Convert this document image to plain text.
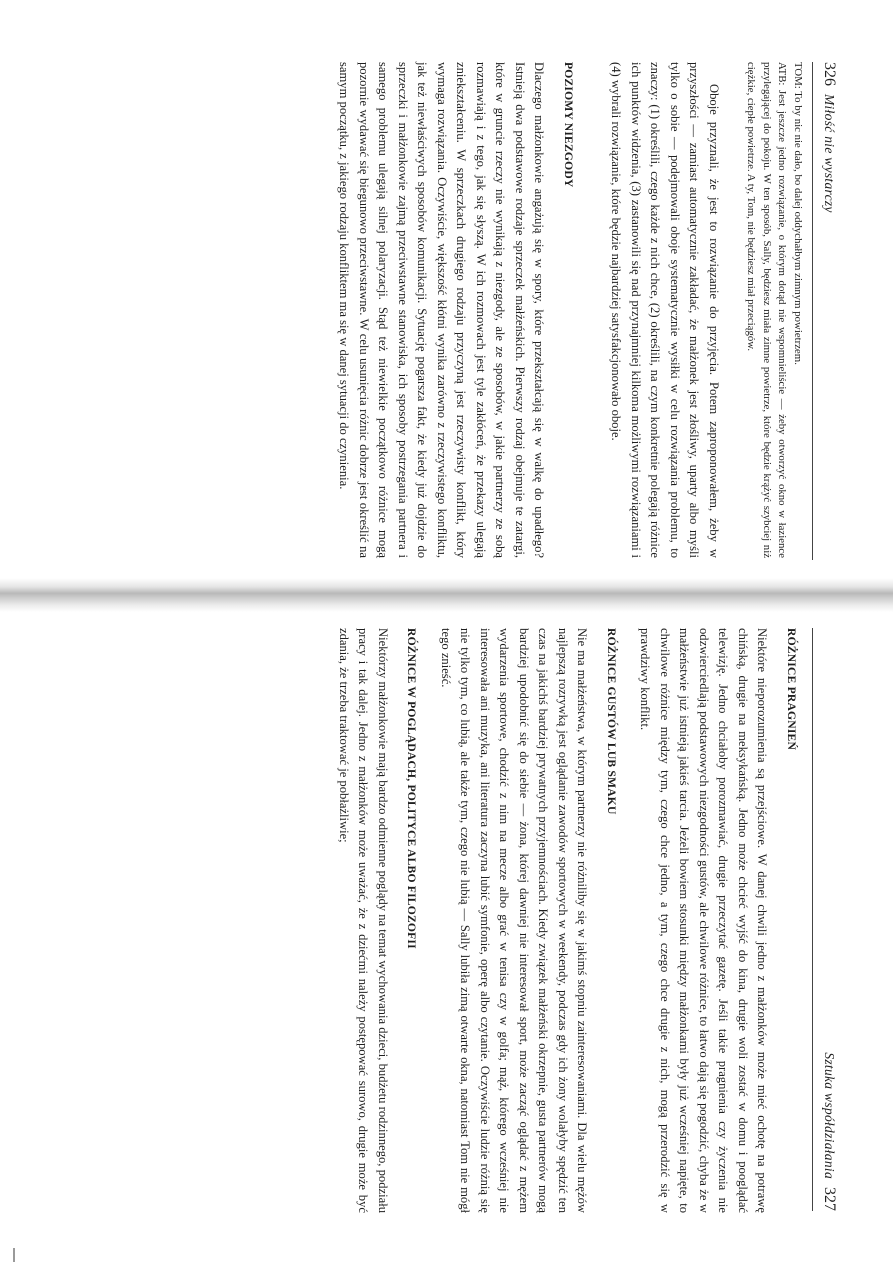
326
Miłość nie wystarczy

TOM: To by nic nie dało, bo dalej oddychałbym zimnym powietrzem.

ATB: Jest jeszcze jedno rozwiązanie, o którym dotąd nie wspomnieliście — żeby otworzyć okno w łazience przylegającej do pokoju. W ten sposób, Sally, będziesz miała zimne powietrze, które będzie krążyć szybciej niż ciężkie, ciepłe powietrze. A ty, Tom, nie będziesz miał przeciągów.

Oboje przyznali, że jest to rozwiązanie do przyjęcia. Potem zaproponowałem, żeby w przyszłości — zamiast automatycznie zakładać, że małżonek jest złośliwy, uparty albo myśli tylko o sobie — podejmowali oboje systematycznie wysiłki w celu rozwiązania problemu, to znaczy: (1) określili, czego każde z nich chce, (2) określili, na czym konkretnie polegają różnice ich punktów widzenia, (3) zastanowili się nad przynajmniej kilkoma możliwymi rozwiązaniami i (4) wybrali rozwiązanie, które będzie najbardziej satysfakcjonowało oboje.

POZIOMY NIEZGODY

Dlaczego małżonkowie angażują się w spory, które przekształcają się w walkę do upadłego? Istnieją dwa podstawowe rodzaje sprzeczek małżeńskich. Pierwszy rodzaj obejmuje te zatargi, które w gruncie rzeczy nie wynikają z niezgody, ale ze sposobów, w jakie partnerzy ze sobą rozmawiają i z tego, jak się słyszą. W ich rozmowach jest tyle zakłóceń, że przekazy ulegają zniekształceniu. W sprzeczkach drugiego rodzaju przyczyną jest rzeczywisty konflikt, który wymaga rozwiązania. Oczywiście, większość kłótni wynika zarówno z rzeczywistego konfliktu, jak też niewłaściwych sposobów komunikacji. Sytuację pogarsza fakt, że kiedy już dojdzie do sprzeczki i małżonkowie zajmą przeciwstawne stanowiska, ich sposoby postrzegania partnera i samego problemu ulegają silnej polaryzacji. Stąd też niewielkie początkowo różnice mogą pozornie wydawać się biegunowo przeciwstawne. W celu usunięcia różnic dobrze jest określić na samym początku, z jakiego rodzaju konfliktem ma się w danej sytuacji do czynienia.

Sztuka współdziałania
327
RÓŻNICE PRAGNIEŃ

Niektóre nieporozumienia są przejściowe. W danej chwili jedno z małżonków może mieć ochotę na potrawę chińską, drugie na meksykańską. Jedno może chcieć wyjść do kina, drugie woli zostać w domu i pooglądać telewizję. Jedno chciałoby porozmawiać, drugie przeczytać gazetę. Jeśli takie pragnienia czy życzenia nie odzwierciedlają podstawowych niezgodności gustów, ale chwilowe różnice, to łatwo dają się pogodzić, chyba że w małżeństwie już istnieją jakieś tarcia. Jeżeli bowiem stosunki między małżonkami były już wcześniej napięte, to chwilowe różnice między tym, czego chce jedno, a tym, czego chce drugie z nich, mogą przerodzić się w prawdziwy konflikt.

RÓŻNICE GUSTÓW LUB SMAKU

Nie ma małżeństwa, w którym partnerzy nie różniliby się w jakimś stopniu zainteresowaniami. Dla wielu mężów najlepszą rozrywką jest oglądanie zawodów sportowych w weekendy, podczas gdy ich żony wolałyby spędzić ten czas na jakichś bardziej prywatnych przyjemnościach. Kiedy związek małżeński okrzepnie, gusta partnerów mogą bardziej upodobnić się do siebie — żona, której dawniej nie interesował sport, może zacząć oglądać z mężem wydarzenia sportowe, chodzić z nim na mecze albo grać w tenisa czy w golfa; mąż, którego wcześniej nie interesowała ani muzyka, ani literatura zaczyna lubić symfonie, operę albo czytanie. Oczywiście ludzie różnią się nie tylko tym, co lubią, ale także tym, czego nie lubią — Sally lubiła zimą otwarte okna, natomiast Tom nie mógł tego znieść.

RÓŻNICE W POGLĄDACH, POLITYCE ALBO FILOZOFII

Niektórzy małżonkowie mają bardzo odmienne poglądy na temat wychowania dzieci, budżetu rodzinnego, podziału pracy i tak dalej. Jedno z małżonków może uważać, że z dziećmi należy postępować surowo, drugie może być zdania, że trzeba traktować je pobłażliwie;
